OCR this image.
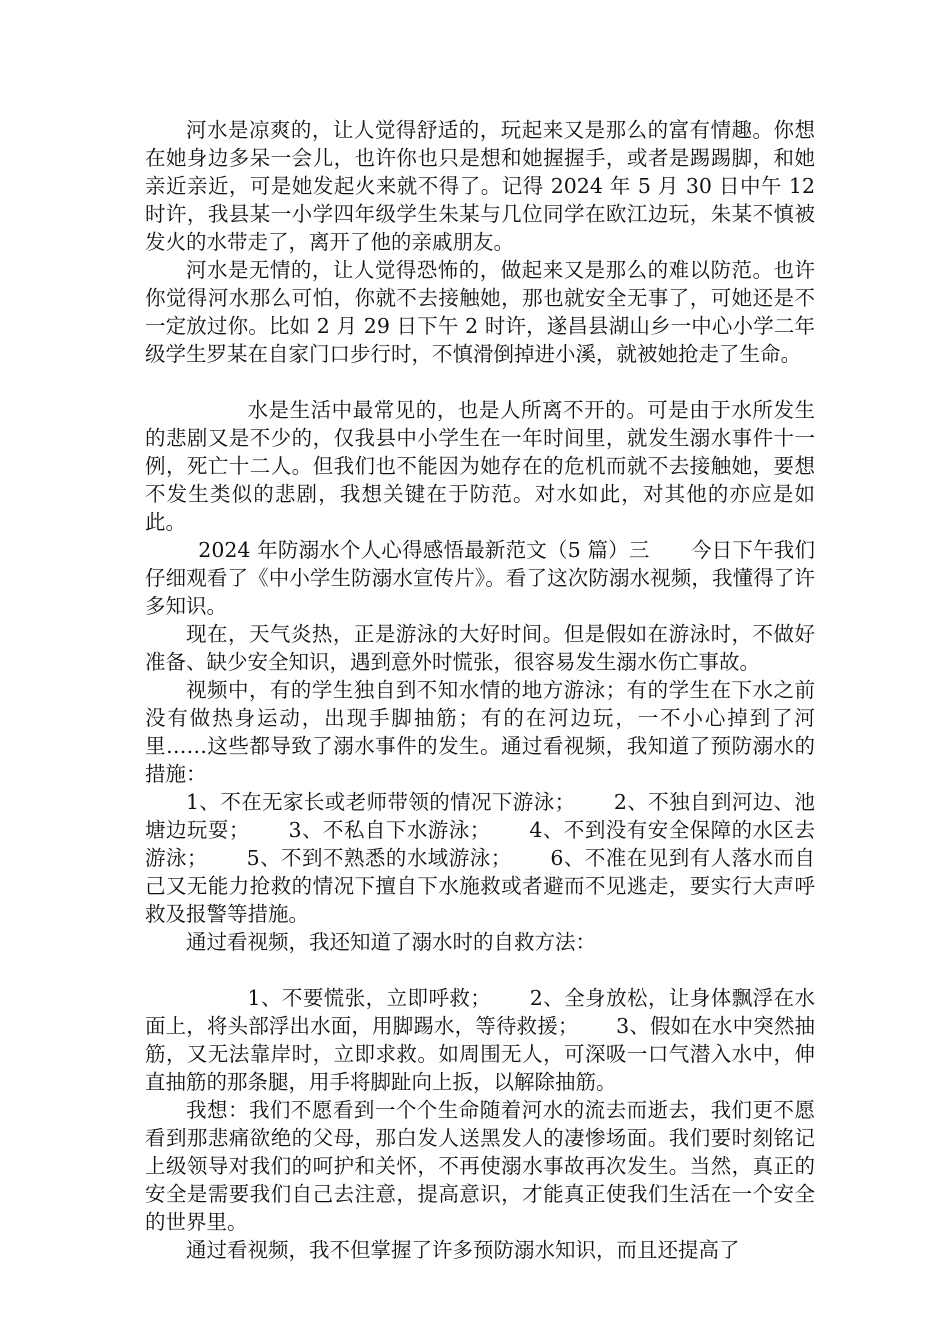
河水是凉爽的，让人觉得舒适的，玩起来又是那么的富有情趣。你想在她身边多呆一会儿，也许你也只是想和她握握手，或者是踢踢脚，和她亲近亲近，可是她发起火来就不得了。记得 2024 年 5 月 30 日中午 12 时许，我县某一小学四年级学生朱某与几位同学在欧江边玩，朱某不慎被发火的水带走了，离开了他的亲戚朋友。

河水是无情的，让人觉得恐怖的，做起来又是那么的难以防范。也许你觉得河水那么可怕，你就不去接触她，那也就安全无事了，可她还是不一定放过你。比如 2 月 29 日下午 2 时许，遂昌县湖山乡一中心小学二年级学生罗某在自家门口步行时，不慎滑倒掉进小溪，就被她抢走了生命。

水是生活中最常见的，也是人所离不开的。可是由于水所发生的悲剧又是不少的，仅我县中小学生在一年时间里，就发生溺水事件十一例，死亡十二人。但我们也不能因为她存在的危机而就不去接触她，要想不发生类似的悲剧，我想关键在于防范。对水如此，对其他的亦应是如此。

2024 年防溺水个人心得感悟最新范文（5 篇）三　　今日下午我们仔细观看了《中小学生防溺水宣传片》。看了这次防溺水视频，我懂得了许多知识。

现在，天气炎热，正是游泳的大好时间。但是假如在游泳时，不做好准备、缺少安全知识，遇到意外时慌张，很容易发生溺水伤亡事故。

视频中，有的学生独自到不知水情的地方游泳；有的学生在下水之前没有做热身运动，出现手脚抽筋；有的在河边玩，一不小心掉到了河里……这些都导致了溺水事件的发生。通过看视频，我知道了预防溺水的措施：

1、不在无家长或老师带领的情况下游泳；　　 2、不独自到河边、池塘边玩耍；　　 3、不私自下水游泳；　　 4、不到没有安全保障的水区去游泳；　　 5、不到不熟悉的水域游泳；　　 6、不准在见到有人落水而自己又无能力抢救的情况下擅自下水施救或者避而不见逃走，要实行大声呼救及报警等措施。

通过看视频，我还知道了溺水时的自救方法：

1、不要慌张，立即呼救；　　 2、全身放松，让身体飘浮在水面上，将头部浮出水面，用脚踢水，等待救援；　　 3、假如在水中突然抽筋，又无法靠岸时，立即求救。如周围无人，可深吸一口气潜入水中，伸直抽筋的那条腿，用手将脚趾向上扳，以解除抽筋。

我想：我们不愿看到一个个生命随着河水的流去而逝去，我们更不愿看到那悲痛欲绝的父母，那白发人送黑发人的凄惨场面。我们要时刻铭记上级领导对我们的呵护和关怀，不再使溺水事故再次发生。当然，真正的安全是需要我们自己去注意，提高意识，才能真正使我们生活在一个安全的世界里。

通过看视频，我不但掌握了许多预防溺水知识，而且还提高了
